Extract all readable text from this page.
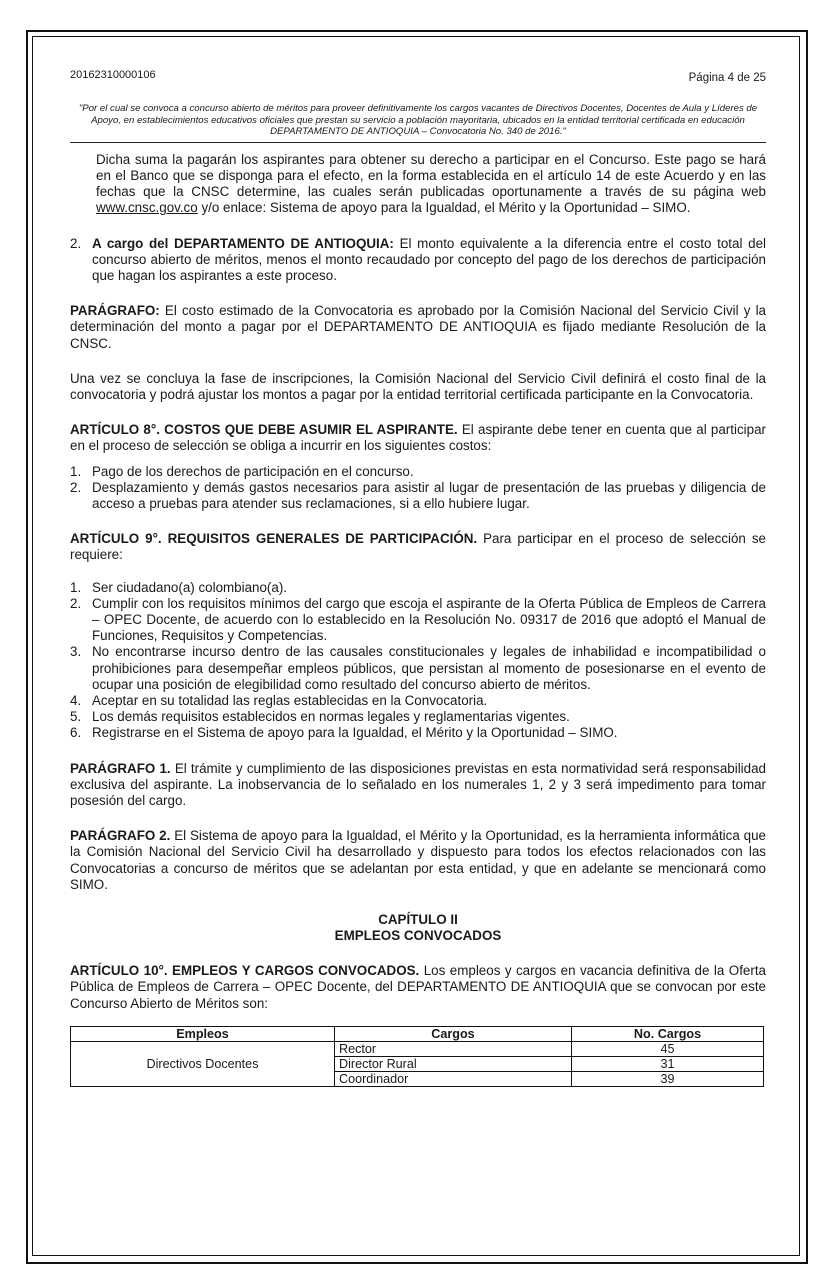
20162310000106	Página 4 de 25
"Por el cual se convoca a concurso abierto de méritos para proveer definitivamente los cargos vacantes de Directivos Docentes, Docentes de Aula y Líderes de Apoyo, en establecimientos educativos oficiales que prestan su servicio a población mayoritaria, ubicados en la entidad territorial certificada en educación DEPARTAMENTO DE ANTIOQUIA – Convocatoria No. 340 de 2016."

Dicha suma la pagarán los aspirantes para obtener su derecho a participar en el Concurso. Este pago se hará en el Banco que se disponga para el efecto, en la forma establecida en el artículo 14 de este Acuerdo y en las fechas que la CNSC determine, las cuales serán publicadas oportunamente a través de su página web www.cnsc.gov.co y/o enlace: Sistema de apoyo para la Igualdad, el Mérito y la Oportunidad – SIMO.

2. A cargo del DEPARTAMENTO DE ANTIOQUIA: El monto equivalente a la diferencia entre el costo total del concurso abierto de méritos, menos el monto recaudado por concepto del pago de los derechos de participación que hagan los aspirantes a este proceso.

PARÁGRAFO: El costo estimado de la Convocatoria es aprobado por la Comisión Nacional del Servicio Civil y la determinación del monto a pagar por el DEPARTAMENTO DE ANTIOQUIA es fijado mediante Resolución de la CNSC.

Una vez se concluya la fase de inscripciones, la Comisión Nacional del Servicio Civil definirá el costo final de la convocatoria y podrá ajustar los montos a pagar por la entidad territorial certificada participante en la Convocatoria.

ARTÍCULO 8°. COSTOS QUE DEBE ASUMIR EL ASPIRANTE. El aspirante debe tener en cuenta que al participar en el proceso de selección se obliga a incurrir en los siguientes costos:

1. Pago de los derechos de participación en el concurso.
2. Desplazamiento y demás gastos necesarios para asistir al lugar de presentación de las pruebas y diligencia de acceso a pruebas para atender sus reclamaciones, si a ello hubiere lugar.

ARTÍCULO 9°. REQUISITOS GENERALES DE PARTICIPACIÓN. Para participar en el proceso de selección se requiere:

1. Ser ciudadano(a) colombiano(a).
2. Cumplir con los requisitos mínimos del cargo que escoja el aspirante de la Oferta Pública de Empleos de Carrera – OPEC Docente, de acuerdo con lo establecido en la Resolución No. 09317 de 2016 que adoptó el Manual de Funciones, Requisitos y Competencias.
3. No encontrarse incurso dentro de las causales constitucionales y legales de inhabilidad e incompatibilidad o prohibiciones para desempeñar empleos públicos, que persistan al momento de posesionarse en el evento de ocupar una posición de elegibilidad como resultado del concurso abierto de méritos.
4. Aceptar en su totalidad las reglas establecidas en la Convocatoria.
5. Los demás requisitos establecidos en normas legales y reglamentarias vigentes.
6. Registrarse en el Sistema de apoyo para la Igualdad, el Mérito y la Oportunidad – SIMO.

PARÁGRAFO 1. El trámite y cumplimiento de las disposiciones previstas en esta normatividad será responsabilidad exclusiva del aspirante. La inobservancia de lo señalado en los numerales 1, 2 y 3 será impedimento para tomar posesión del cargo.

PARÁGRAFO 2. El Sistema de apoyo para la Igualdad, el Mérito y la Oportunidad, es la herramienta informática que la Comisión Nacional del Servicio Civil ha desarrollado y dispuesto para todos los efectos relacionados con las Convocatorias a concurso de méritos que se adelantan por esta entidad, y que en adelante se mencionará como SIMO.

CAPÍTULO II
EMPLEOS CONVOCADOS

ARTÍCULO 10°. EMPLEOS Y CARGOS CONVOCADOS. Los empleos y cargos en vacancia definitiva de la Oferta Pública de Empleos de Carrera – OPEC Docente, del DEPARTAMENTO DE ANTIOQUIA que se convocan por este Concurso Abierto de Méritos son:

Empleos	Cargos	No. Cargos
Directivos Docentes	Rector	45
	Director Rural	31
	Coordinador	39
